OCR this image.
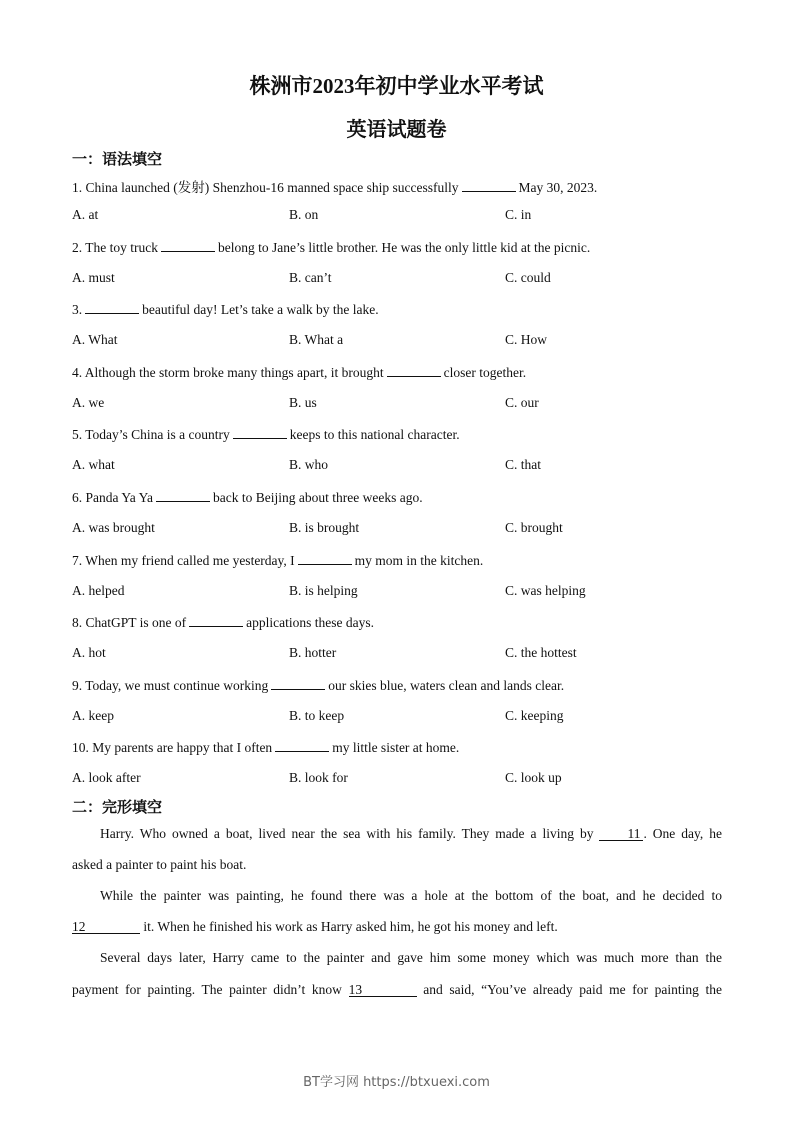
株洲市2023年初中学业水平考试
英语试题卷
一：语法填空
1. China launched (发射) Shenzhou-16 manned space ship successfully	May 30, 2023.
A. at	B. on	C. in
2. The toy truck	belong to Jane’s little brother. He was the only little kid at the picnic.
A. must	B. can’t	C. could
3.	beautiful day! Let’s take a walk by the lake.
A. What	B. What a	C. How
4. Although the storm broke many things apart, it brought	closer together.
A. we	B. us	C. our
5. Today’s China is a country	keeps to this national character.
A. what	B. who	C. that
6. Panda Ya Ya	back to Beijing about three weeks ago.
A. was brought	B. is brought	C. brought
7. When my friend called me yesterday, I	my mom in the kitchen.
A. helped	B. is helping	C. was helping
8. ChatGPT is one of	applications these days.
A. hot	B. hotter	C. the hottest
9. Today, we must continue working	our skies blue, waters clean and lands clear.
A. keep	B. to keep	C. keeping
10. My parents are happy that I often	my little sister at home.
A. look after	B. look for	C. look up
二：完形填空
Harry. Who owned a boat, lived near the sea with his family. They made a living by	11 . One day, he
asked a painter to paint his boat.
While the painter was painting, he found there was a hole at the bottom of the boat, and he decided to
12	it. When he finished his work as Harry asked him, he got his money and left.
Several days later, Harry came to the painter and gave him some money which was much more than the
payment for painting. The painter didn’t know 13	and said, “You’ve already paid me for painting the
BT学习网 https://btxuexi.com
